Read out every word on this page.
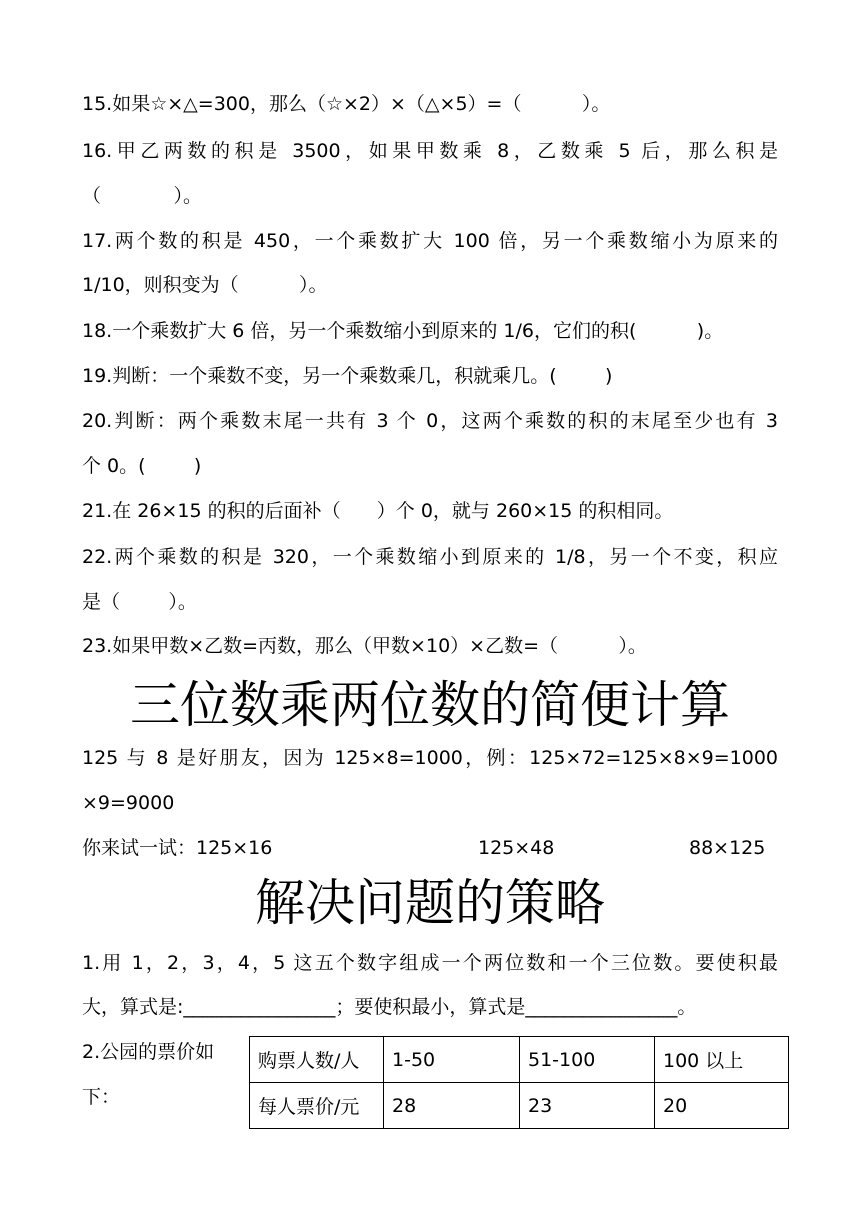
15.如果☆×△=300，那么（☆×2）×（△×5）=（          ）。
16.甲乙两数的积是 3500，如果甲数乘 8，乙数乘 5 后，那么积是
（            ）。
17.两个数的积是 450，一个乘数扩大 100 倍，另一个乘数缩小为原来的
1/10，则积变为（          ）。
18.一个乘数扩大 6 倍，另一个乘数缩小到原来的 1/6，它们的积(          )。
19.判断：一个乘数不变，另一个乘数乘几，积就乘几。(        )
20.判断：两个乘数末尾一共有 3 个 0，这两个乘数的积的末尾至少也有 3
个 0。(        )
21.在 26×15 的积的后面补（      ）个 0，就与 260×15 的积相同。
22.两个乘数的积是 320，一个乘数缩小到原来的 1/8，另一个不变，积应
是（        ）。
23.如果甲数×乙数=丙数，那么（甲数×10）×乙数=（          ）。
三位数乘两位数的简便计算
125 与 8 是好朋友，因为 125×8=1000，例：125×72=125×8×9=1000
×9=9000
你来试一试：125×16	125×48	88×125
解决问题的策略
1.用 1，2，3，4，5 这五个数字组成一个两位数和一个三位数。要使积最
大，算式是:________________；要使积最小，算式是________________。
2.公园的票价如
下：
购票人数/人	1-50	51-100	100 以上
每人票价/元	28	23	20
